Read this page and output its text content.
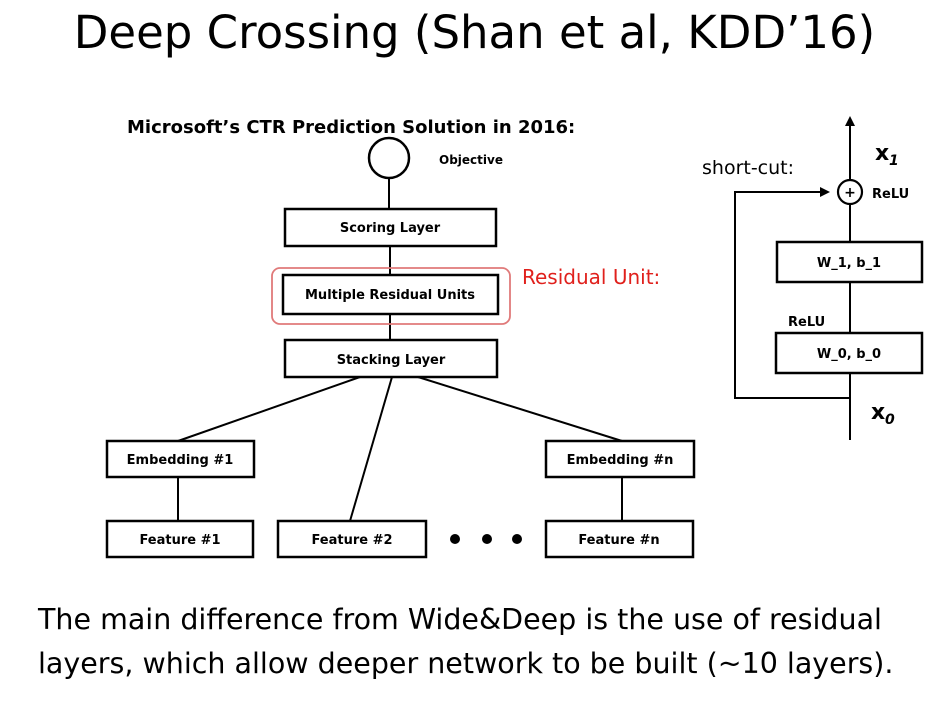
Deep Crossing (Shan et al, KDD’16)
Microsoft’s CTR Prediction Solution in 2016:
Objective
Scoring Layer
Residual Unit:
Multiple Residual Units
Stacking Layer
Embedding #1	Embedding #n
Feature #1	Feature #2	Feature #n
short-cut:
+ ReLU
x 1
W_1, b_1
ReLU
W_0, b_0
x 0
The main difference from Wide&Deep is the use of residual
layers, which allow deeper network to be built (~10 layers).
